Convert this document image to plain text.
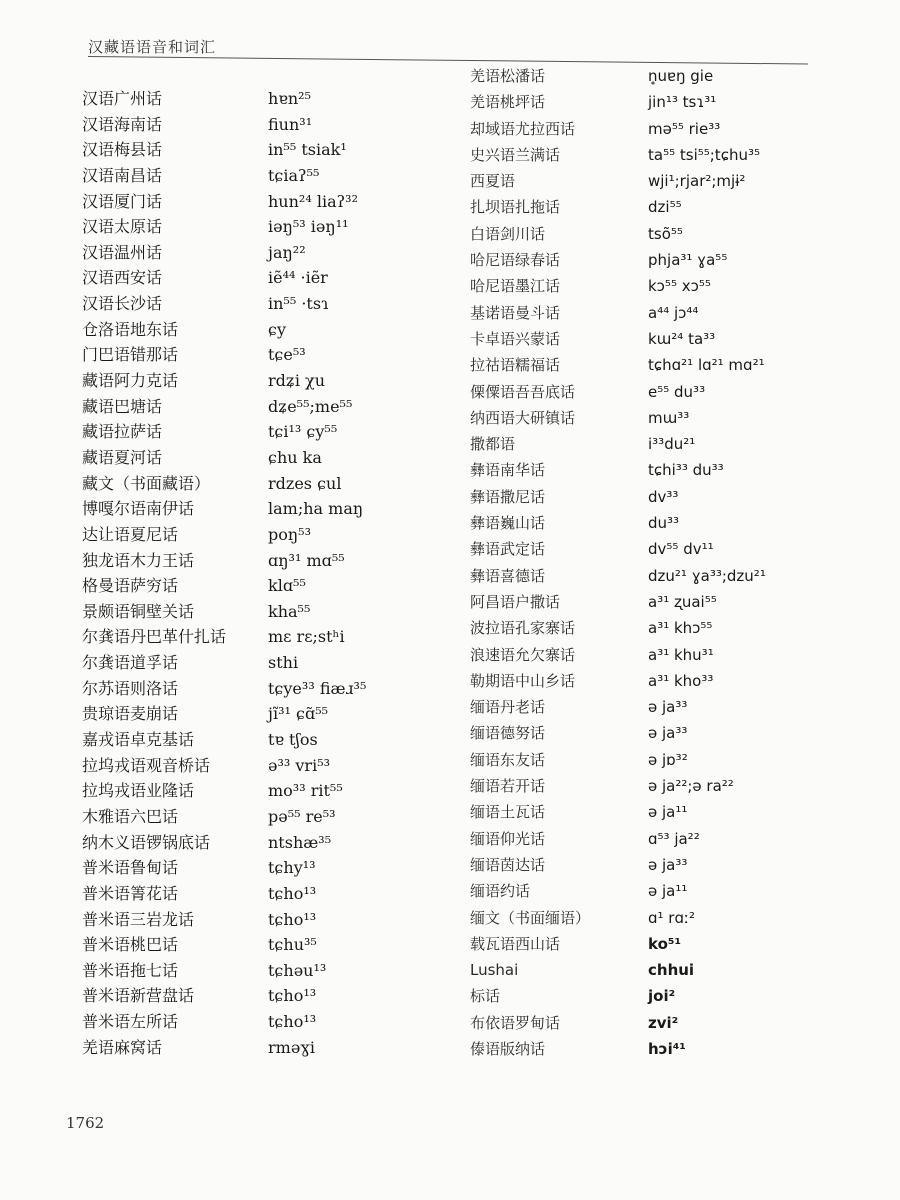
汉藏语语音和词汇
汉语广州话	hɐn²⁵
汉语海南话	fiun³¹
汉语梅县话	in⁵⁵ tsiak¹
汉语南昌话	tɕiaʔ⁵⁵
汉语厦门话	hun²⁴ liaʔ³²
汉语太原话	iəŋ⁵³ iəŋ¹¹
汉语温州话	jaŋ²²
汉语西安话	iẽ⁴⁴ ·iẽr
汉语长沙话	in⁵⁵ ·tsɿ
仓洛语地东话	ɕy
门巴语错那话	tɕe⁵³
藏语阿力克话	rdʑi χu
藏语巴塘话	dʑe⁵⁵;me⁵⁵
藏语拉萨话	tɕi¹³ ɕy⁵⁵
藏语夏河话	ɕhu ka
藏文（书面藏语）	rdzes ɕul
博嘎尔语南伊话	lam;ha maŋ
达让语夏尼话	poŋ⁵³
独龙语木力王话	ɑŋ³¹ mɑ⁵⁵
格曼语萨穷话	klɑ⁵⁵
景颇语铜壁关话	kha⁵⁵
尔龚语丹巴革什扎话	mɛ rɛ;stʰi
尔龚语道孚话	sthi
尔苏语则洛话	tɕye³³ fiæɹ³⁵
贵琼语麦崩话	jĩ³¹ ɕɑ̃⁵⁵
嘉戎语卓克基话	tɐ tʃos
拉坞戎语观音桥话	ə³³ vri⁵³
拉坞戎语业隆话	mo³³ rit⁵⁵
木雅语六巴话	pə⁵⁵ re⁵³
纳木义语锣锅底话	ntshæ³⁵
普米语鲁甸话	tɕhy¹³
普米语箐花话	tɕho¹³
普米语三岩龙话	tɕho¹³
普米语桃巴话	tɕhu³⁵
普米语拖七话	tɕhəu¹³
普米语新营盘话	tɕho¹³
普米语左所话	tɕho¹³
羌语麻窝话	rməɣi
羌语松潘话	n̥uɐŋ gie
羌语桃坪话	jin¹³ tsɿ³¹
却域语尤拉西话	mə⁵⁵ rie³³
史兴语兰满话	ta⁵⁵ tsi⁵⁵;tɕhu³⁵
西夏语	wji¹;rjar²;mjɨ²
扎坝语扎拖话	dzi⁵⁵
白语剑川话	tsõ⁵⁵
哈尼语绿春话	phja³¹ ɣa⁵⁵
哈尼语墨江话	kɔ⁵⁵ xɔ⁵⁵
基诺语曼斗话	a⁴⁴ jɔ⁴⁴
卡卓语兴蒙话	kɯ²⁴ ta³³
拉祜语糯福话	tɕhɑ²¹ lɑ²¹ mɑ²¹
傈僳语吾吾底话	e⁵⁵ du³³
纳西语大研镇话	mɯ³³
撒都语	i³³du²¹
彝语南华话	tɕhi³³ du³³
彝语撒尼话	dv³³
彝语巍山话	du³³
彝语武定话	dv⁵⁵ dv¹¹
彝语喜德话	dzu²¹ ɣa³³;dzu²¹
阿昌语户撒话	a³¹ ʐuai⁵⁵
波拉语孔家寨话	a³¹ khɔ⁵⁵
浪速语允欠寨话	a³¹ khu³¹
勒期语中山乡话	a³¹ kho³³
缅语丹老话	ə ja³³
缅语德努话	ə ja³³
缅语东友话	ə jɒ³²
缅语若开话	ə ja²²;ə ra²²
缅语土瓦话	ə ja¹¹
缅语仰光话	ɑ⁵³ ja²²
缅语茵达话	ə ja³³
缅语约话	ə ja¹¹
缅文（书面缅语）	ɑ¹ rɑː²
载瓦语西山话	ko⁵¹
Lushai	chhui
标话	joi²
布依语罗甸话	zvi²
傣语版纳话	hɔi⁴¹
1762
